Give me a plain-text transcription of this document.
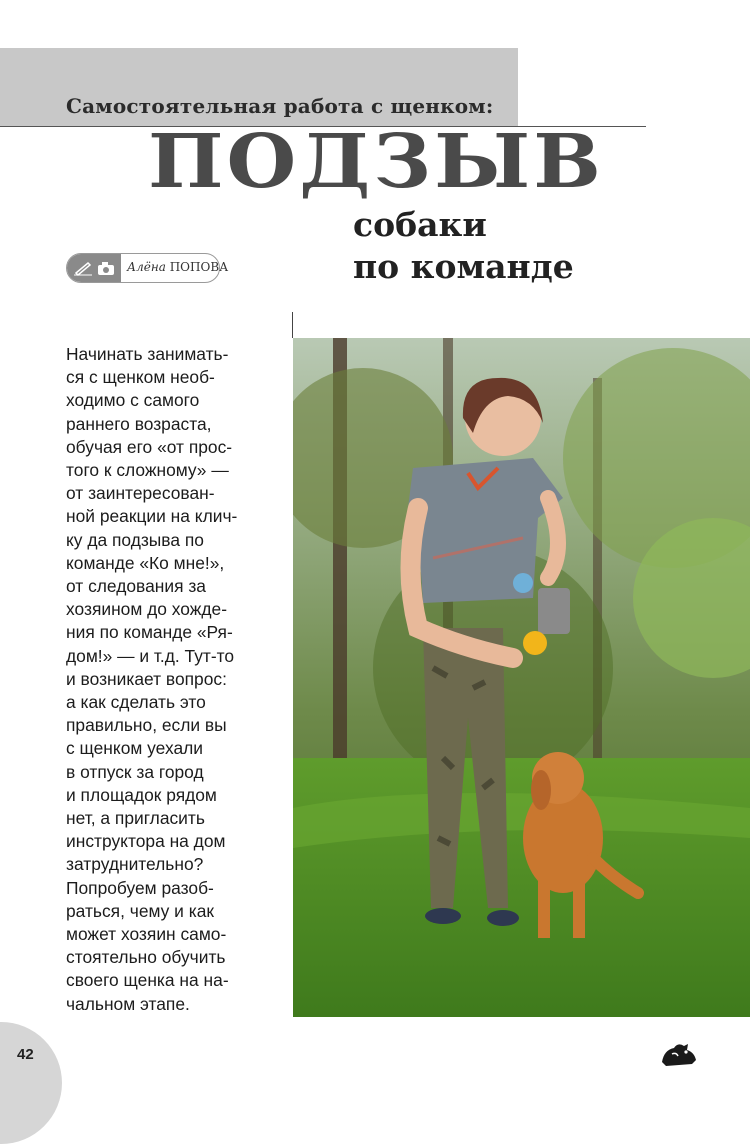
Самостоятельная работа с щенком:
ПОДЗЫВ
собаки
по команде
Алёна ПОПОВА
Начинать занимать-
ся с щенком необ-
ходимо с самого
раннего возраста,
обучая его «от прос-
того к сложному» —
от заинтересован-
ной реакции на клич-
ку да подзыва по
команде «Ко мне!»,
от следования за
хозяином до хожде-
ния по команде «Ря-
дом!» — и т.д. Тут-то
и возникает вопрос:
а как сделать это
правильно, если вы
с щенком уехали
в отпуск за город
и площадок рядом
нет, а пригласить
инструктора на дом
затруднительно?
Попробуем разоб-
раться, чему и как
может хозяин само-
стоятельно обучить
своего щенка на на-
чальном этапе.
42
